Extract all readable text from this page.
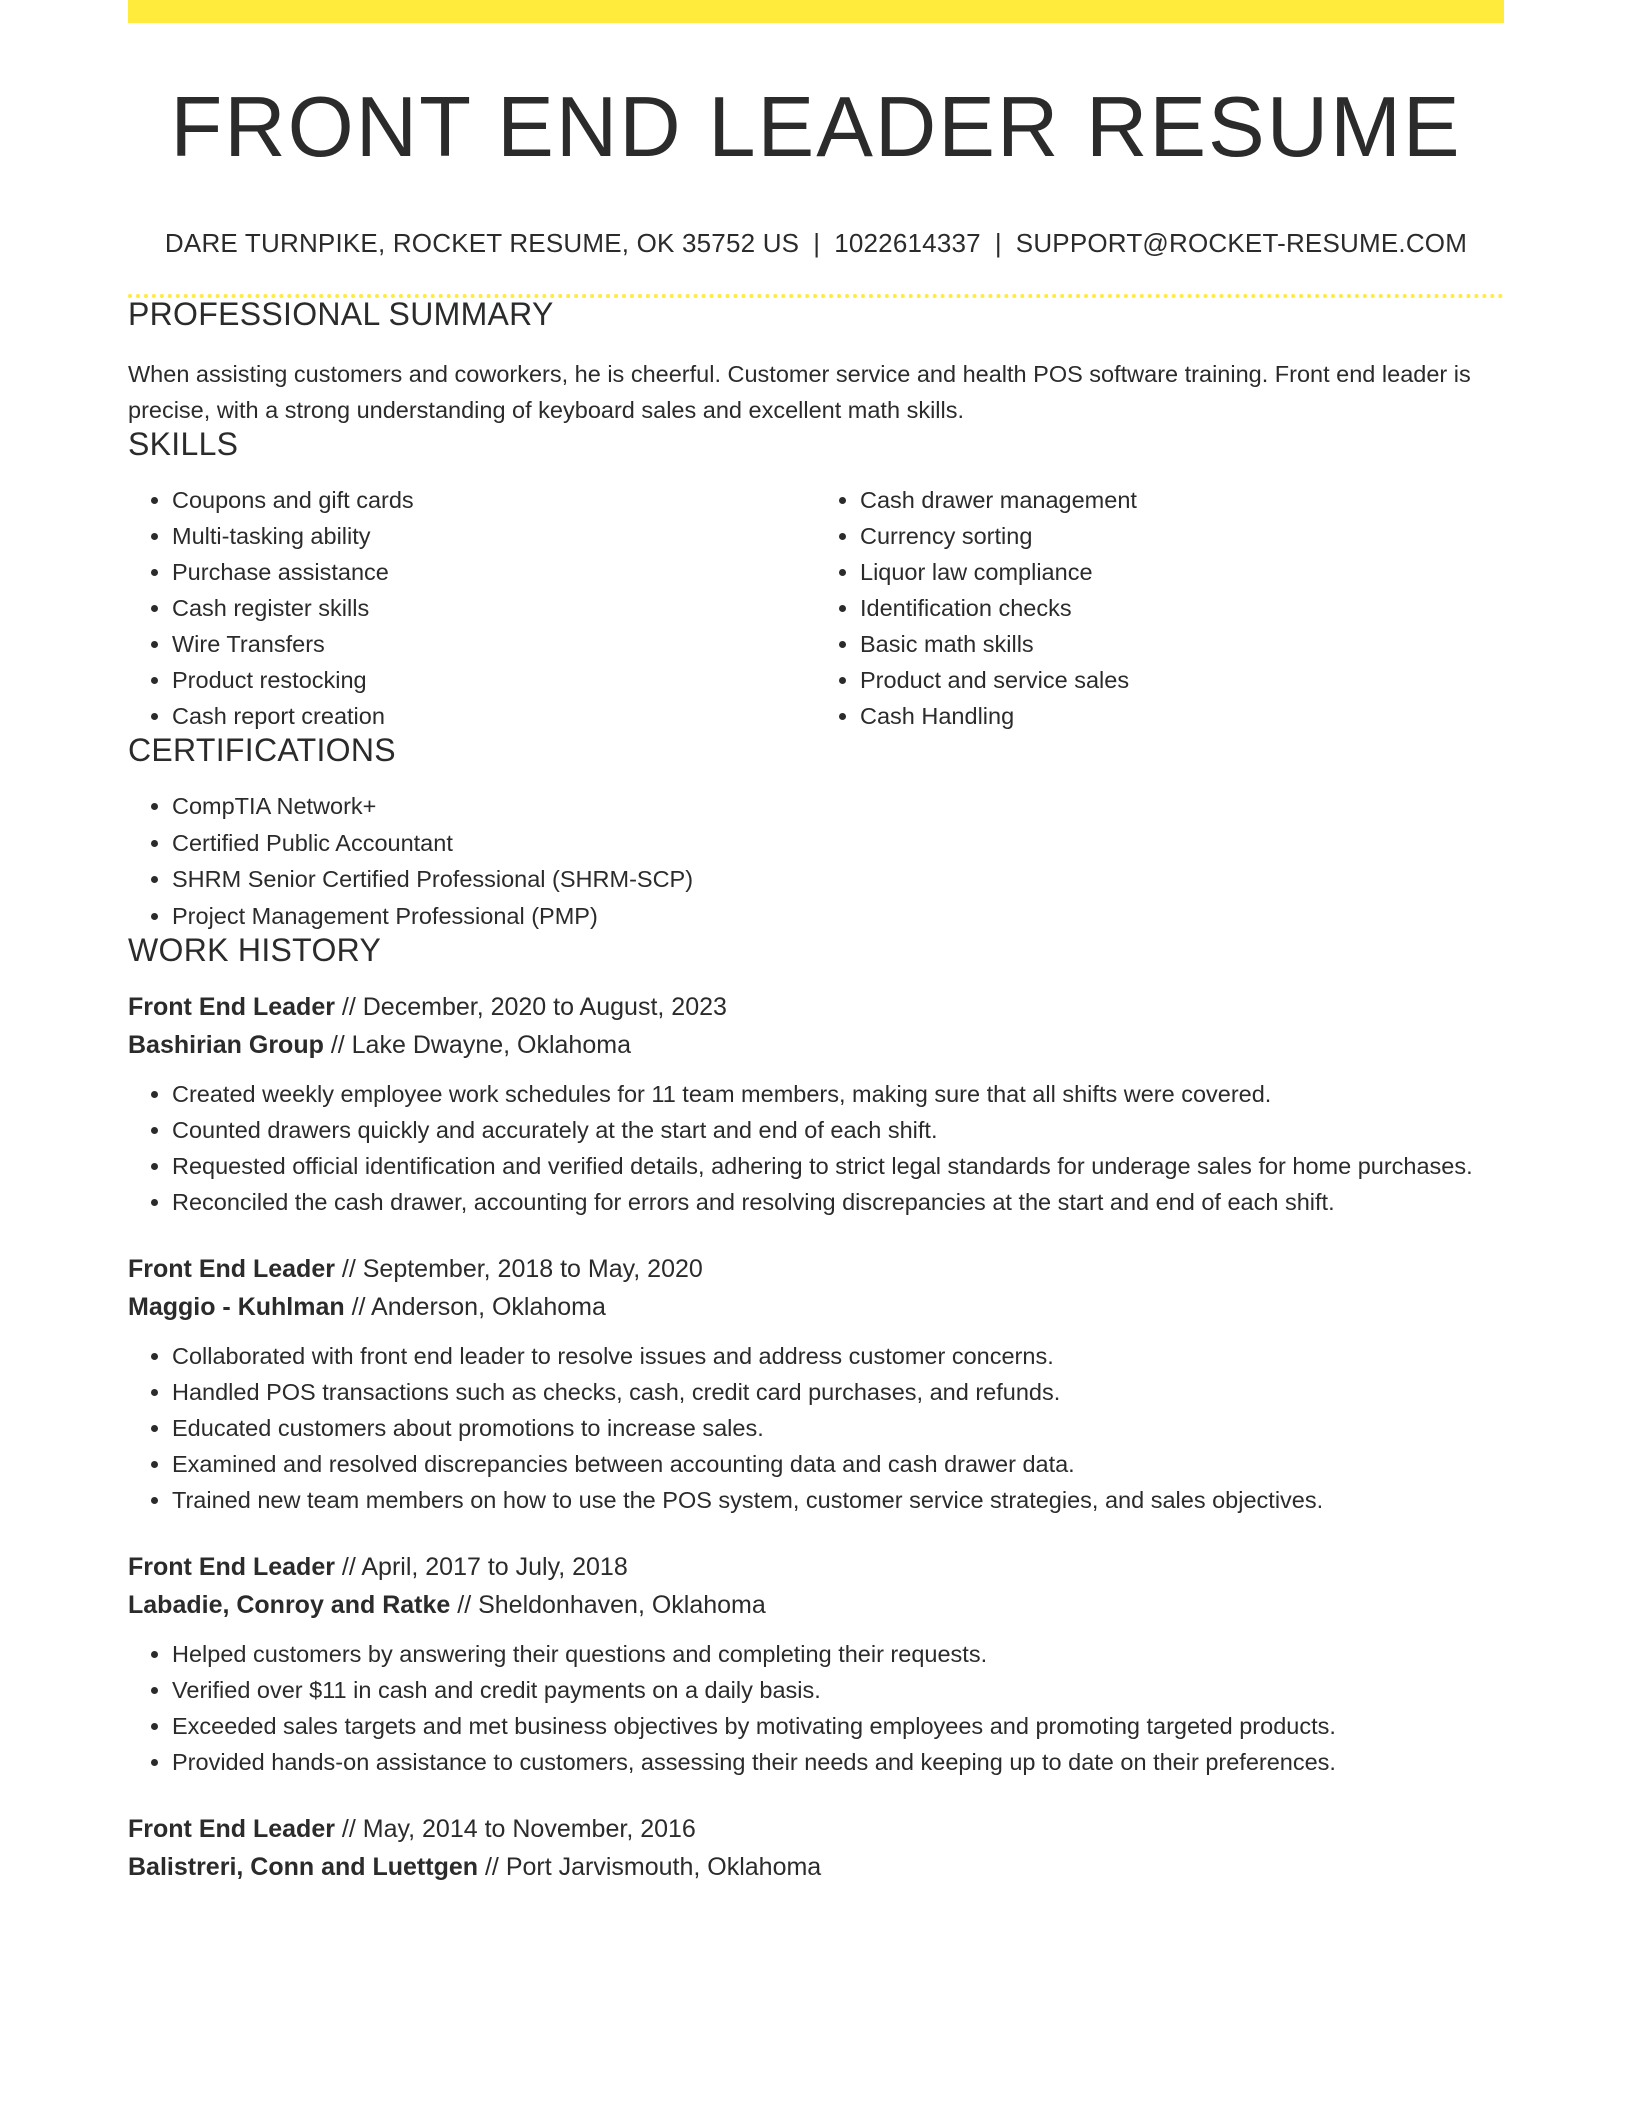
FRONT END LEADER RESUME
DARE TURNPIKE, ROCKET RESUME, OK 35752 US | 1022614337 | SUPPORT@ROCKET-RESUME.COM
PROFESSIONAL SUMMARY

When assisting customers and coworkers, he is cheerful. Customer service and health POS software training. Front end leader is precise, with a strong understanding of keyboard sales and excellent math skills.

SKILLS
• Coupons and gift cards
• Multi-tasking ability
• Purchase assistance
• Cash register skills
• Wire Transfers
• Product restocking
• Cash report creation
• Cash drawer management
• Currency sorting
• Liquor law compliance
• Identification checks
• Basic math skills
• Product and service sales
• Cash Handling
CERTIFICATIONS
• CompTIA Network+
• Certified Public Accountant
• SHRM Senior Certified Professional (SHRM-SCP)
• Project Management Professional (PMP)
WORK HISTORY
Front End Leader // December, 2020 to August, 2023
Bashirian Group // Lake Dwayne, Oklahoma
• Created weekly employee work schedules for 11 team members, making sure that all shifts were covered.
• Counted drawers quickly and accurately at the start and end of each shift.
• Requested official identification and verified details, adhering to strict legal standards for underage sales for home purchases.
• Reconciled the cash drawer, accounting for errors and resolving discrepancies at the start and end of each shift.
Front End Leader // September, 2018 to May, 2020
Maggio - Kuhlman // Anderson, Oklahoma
• Collaborated with front end leader to resolve issues and address customer concerns.
• Handled POS transactions such as checks, cash, credit card purchases, and refunds.
• Educated customers about promotions to increase sales.
• Examined and resolved discrepancies between accounting data and cash drawer data.
• Trained new team members on how to use the POS system, customer service strategies, and sales objectives.
Front End Leader // April, 2017 to July, 2018
Labadie, Conroy and Ratke // Sheldonhaven, Oklahoma
• Helped customers by answering their questions and completing their requests.
• Verified over $11 in cash and credit payments on a daily basis.
• Exceeded sales targets and met business objectives by motivating employees and promoting targeted products.
• Provided hands-on assistance to customers, assessing their needs and keeping up to date on their preferences.
Front End Leader // May, 2014 to November, 2016
Balistreri, Conn and Luettgen // Port Jarvismouth, Oklahoma
